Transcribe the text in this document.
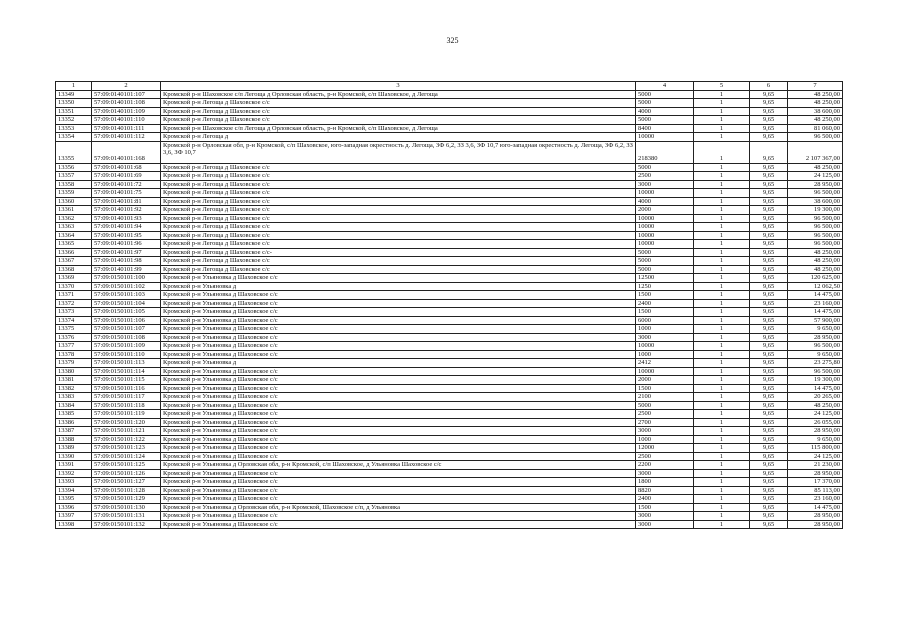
325
1	2	3	4	5	6	7
13349	57:09:0140101:107	Кромской р-н Шаховское с/п Легоща д Орловская область, р-н Кромской, с/п Шаховское, д Легоща	5000	1	9,65	48 250,00
13350	57:09:0140101:108	Кромской р-н Легоща д Шаховское с/с	5000	1	9,65	48 250,00
13351	57:09:0140101:109	Кромской р-н Легоща д Шаховское с/с	4000	1	9,65	38 600,00
13352	57:09:0140101:110	Кромской р-н Легоща д Шаховское с/с	5000	1	9,65	48 250,00
13353	57:09:0140101:111	Кромской р-н Шаховское с/п Легоща д Орловская область, р-н Кромской, с/п Шаховское, д Легоща	8400	1	9,65	81 060,00
13354	57:09:0140101:112	Кромской р-н Легоща д	10000	1	9,65	96 500,00
13355	57:09:0140101:168	Кромской р-н Орловская обл, р-н Кромской, с/п Шаховское, юго-западная окрестность д. Легоща, ЗФ 6,2, ЗЗ 3,6, ЗФ 10,7 юго-западная окрестность д. Легоща, ЗФ 6,2, ЗЗ 3,6, ЗФ 10,7	218380	1	9,65	2 107 367,00
13356	57:09:0140101:68	Кромской р-н Легоща д Шаховское с/с	5000	1	9,65	48 250,00
13357	57:09:0140101:69	Кромской р-н Легоща д Шаховское с/с	2500	1	9,65	24 125,00
13358	57:09:0140101:72	Кромской р-н Легоща д Шаховское с/с	3000	1	9,65	28 950,00
13359	57:09:0140101:75	Кромской р-н Легоща д Шаховское с/с	10000	1	9,65	96 500,00
13360	57:09:0140101:81	Кромской р-н Легоща д Шаховское с/с	4000	1	9,65	38 600,00
13361	57:09:0140101:92	Кромской р-н Легоща д Шаховское с/с	2000	1	9,65	19 300,00
13362	57:09:0140101:93	Кромской р-н Легоща д Шаховское с/с	10000	1	9,65	96 500,00
13363	57:09:0140101:94	Кромской р-н Легоща д Шаховское с/с	10000	1	9,65	96 500,00
13364	57:09:0140101:95	Кромской р-н Легоща д Шаховское с/с	10000	1	9,65	96 500,00
13365	57:09:0140101:96	Кромской р-н Легоща д Шаховское с/с	10000	1	9,65	96 500,00
13366	57:09:0140101:97	Кромской р-н Легоща д Шаховское с/с-	5000	1	9,65	48 250,00
13367	57:09:0140101:98	Кромской р-н Легоща д Шаховское с/с	5000	1	9,65	48 250,00
13368	57:09:0140101:99	Кромской р-н Легоща д Шаховское с/с	5000	1	9,65	48 250,00
13369	57:09:0150101:100	Кромской р-н Ульяновка д Шаховское с/с	12500	1	9,65	120 625,00
13370	57:09:0150101:102	Кромской р-н Ульяновка д	1250	1	9,65	12 062,50
13371	57:09:0150101:103	Кромской р-н Ульяновка д Шаховское с/с	1500	1	9,65	14 475,00
13372	57:09:0150101:104	Кромской р-н Ульяновка д Шаховское с/с	2400	1	9,65	23 160,00
13373	57:09:0150101:105	Кромской р-н Ульяновка д Шаховское с/с	1500	1	9,65	14 475,00
13374	57:09:0150101:106	Кромской р-н Ульяновка д Шаховское с/с	6000	1	9,65	57 900,00
13375	57:09:0150101:107	Кромской р-н Ульяновка д Шаховское с/с	1000	1	9,65	9 650,00
13376	57:09:0150101:108	Кромской р-н Ульяновка д Шаховское с/с	3000	1	9,65	28 950,00
13377	57:09:0150101:109	Кромской р-н Ульяновка д Шаховское с/с	10000	1	9,65	96 500,00
13378	57:09:0150101:110	Кромской р-н Ульяновка д Шаховское с/с	1000	1	9,65	9 650,00
13379	57:09:0150101:113	Кромской р-н Ульяновка д	2412	1	9,65	23 275,80
13380	57:09:0150101:114	Кромской р-н Ульяновка д Шаховское с/с	10000	1	9,65	96 500,00
13381	57:09:0150101:115	Кромской р-н Ульяновка д Шаховское с/с	2000	1	9,65	19 300,00
13382	57:09:0150101:116	Кромской р-н Ульяновка д Шаховское с/с	1500	1	9,65	14 475,00
13383	57:09:0150101:117	Кромской р-н Ульяновка д Шаховское с/с	2100	1	9,65	20 265,00
13384	57:09:0150101:118	Кромской р-н Ульяновка д Шаховское с/с	5000	1	9,65	48 250,00
13385	57:09:0150101:119	Кромской р-н Ульяновка д Шаховское с/с	2500	1	9,65	24 125,00
13386	57:09:0150101:120	Кромской р-н Ульяновка д Шаховское с/с	2700	1	9,65	26 055,00
13387	57:09:0150101:121	Кромской р-н Ульяновка д Шаховское с/с	3000	1	9,65	28 950,00
13388	57:09:0150101:122	Кромской р-н Ульяновка д Шаховское с/с	1000	1	9,65	9 650,00
13389	57:09:0150101:123	Кромской р-н Ульяновка д Шаховское с/с	12000	1	9,65	115 800,00
13390	57:09:0150101:124	Кромской р-н Ульяновка д Шаховское с/с	2500	1	9,65	24 125,00
13391	57:09:0150101:125	Кромской р-н Ульяновка д Орловская обл, р-н Кромской, с/п Шаховское, д Ульяновка Шаховское с/с	2200	1	9,65	21 230,00
13392	57:09:0150101:126	Кромской р-н Ульяновка д Шаховское с/с	3000	1	9,65	28 950,00
13393	57:09:0150101:127	Кромской р-н Ульяновка д Шаховское с/с	1800	1	9,65	17 370,00
13394	57:09:0150101:128	Кромской р-н Ульяновка д Шаховское с/с	8820	1	9,65	85 113,00
13395	57:09:0150101:129	Кромской р-н Ульяновка д Шаховское с/с	2400	1	9,65	23 160,00
13396	57:09:0150101:130	Кромской р-н Ульяновка д Орловская обл, р-н Кромской, Шаховское с/п, д Ульяновка	1500	1	9,65	14 475,00
13397	57:09:0150101:131	Кромской р-н Ульяновка д Шаховское с/с	3000	1	9,65	28 950,00
13398	57:09:0150101:132	Кромской р-н Ульяновка д Шаховское с/с	3000	1	9,65	28 950,00
